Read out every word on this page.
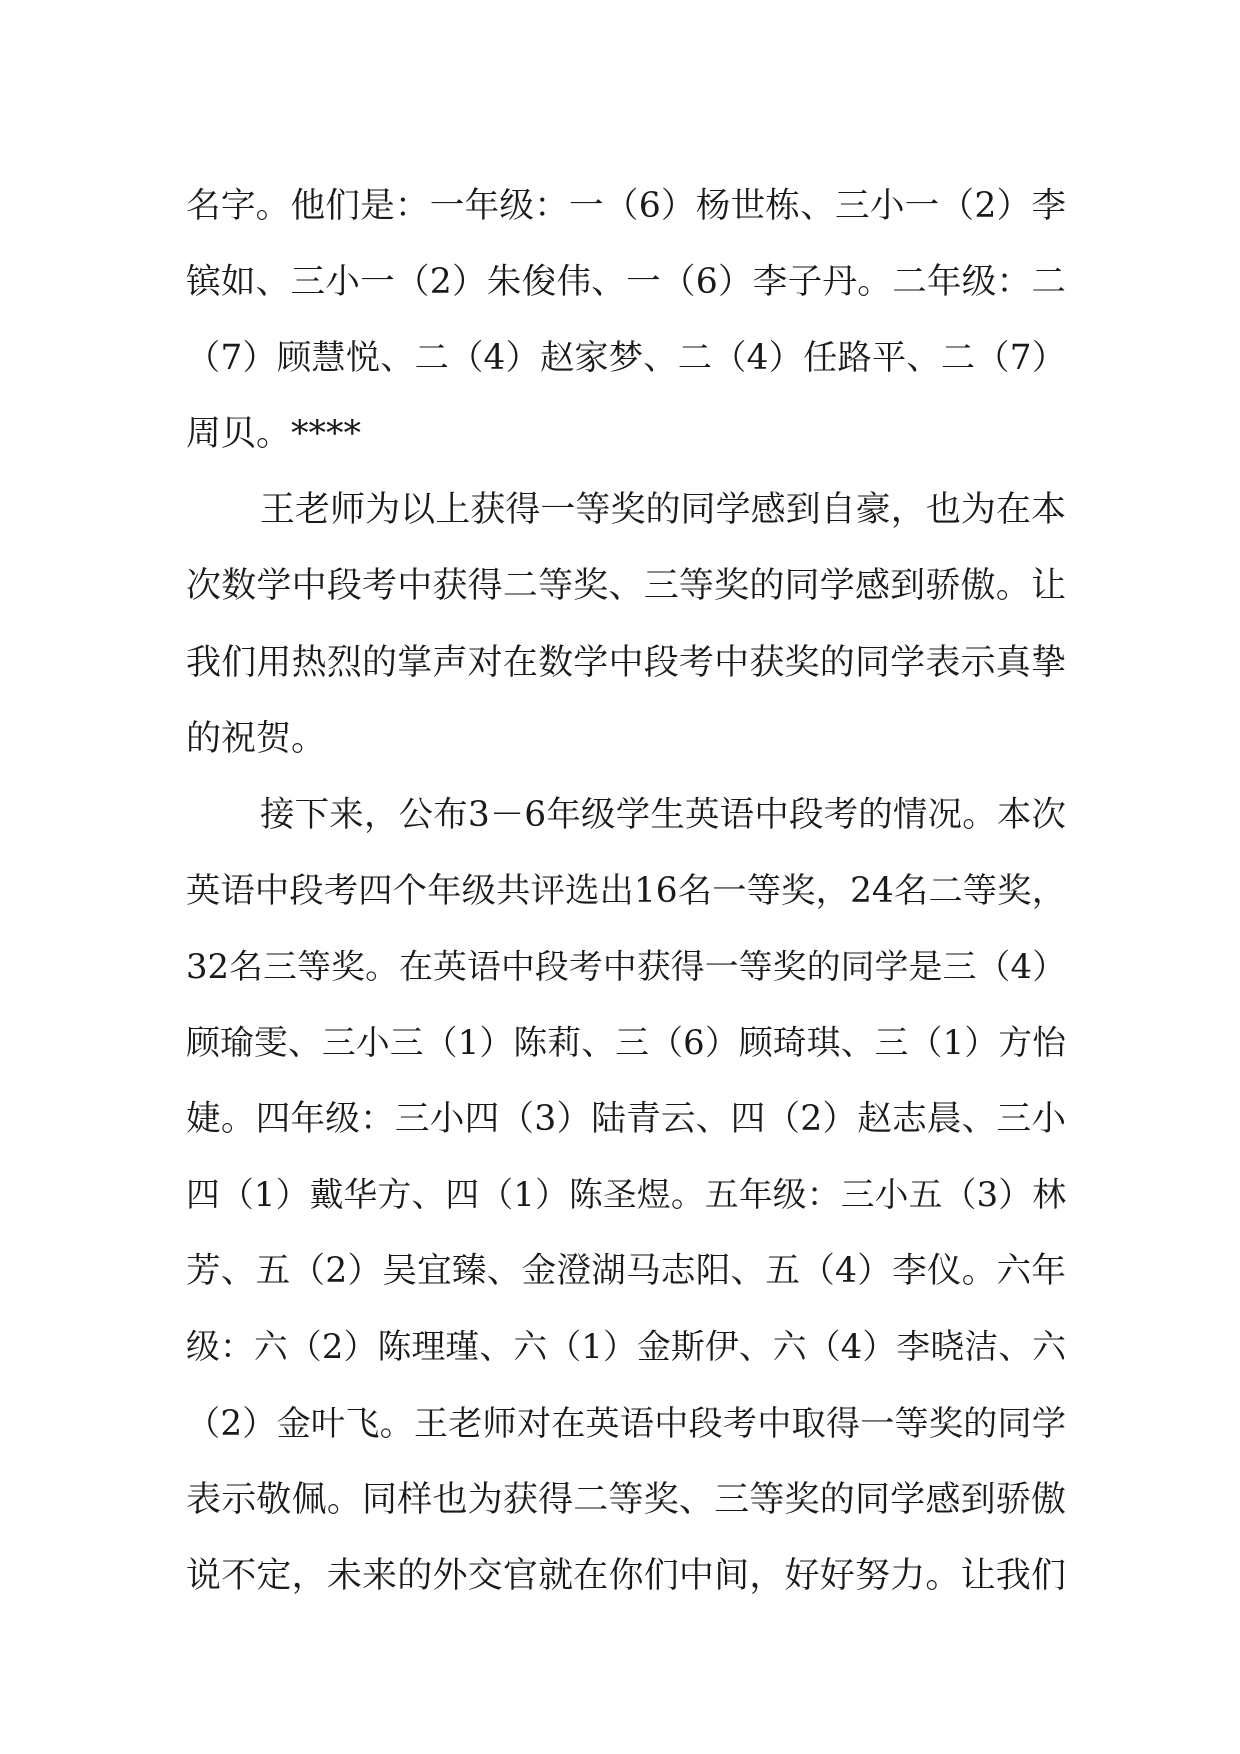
名字。他们是：一年级：一（6）杨世栋、三小一（2）李
镔如、三小一（2）朱俊伟、一（6）李子丹。二年级：二
（7）顾慧悦、二（4）赵家梦、二（4）任路平、二（7）
周贝。****
王老师为以上获得一等奖的同学感到自豪，也为在本
次数学中段考中获得二等奖、三等奖的同学感到骄傲。让
我们用热烈的掌声对在数学中段考中获奖的同学表示真挚
的祝贺。
接下来，公布3－6年级学生英语中段考的情况。本次
英语中段考四个年级共评选出16名一等奖，24名二等奖，
32名三等奖。在英语中段考中获得一等奖的同学是三（4）
顾瑜雯、三小三（1）陈莉、三（6）顾琦琪、三（1）方怡
婕。四年级：三小四（3）陆青云、四（2）赵志晨、三小
四（1）戴华方、四（1）陈圣煜。五年级：三小五（3）林
芳、五（2）吴宜臻、金澄湖马志阳、五（4）李仪。六年
级：六（2）陈理瑾、六（1）金斯伊、六（4）李晓洁、六
（2）金叶飞。王老师对在英语中段考中取得一等奖的同学
表示敬佩。同样也为获得二等奖、三等奖的同学感到骄傲
说不定，未来的外交官就在你们中间，好好努力。让我们
